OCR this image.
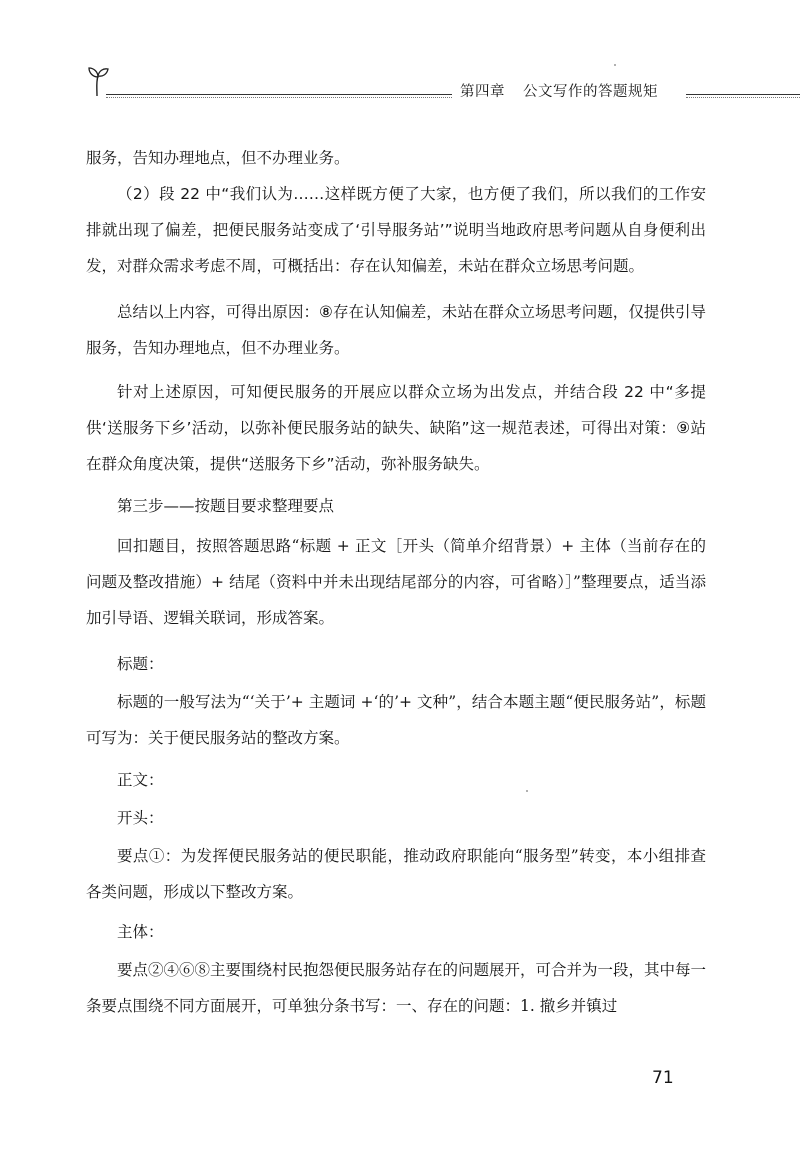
第四章 公文写作的答题规矩

服务，告知办理地点，但不办理业务。

（2）段 22 中“我们认为……这样既方便了大家，也方便了我们，所以我们的工作安排就出现了偏差，把便民服务站变成了‘引导服务站’”说明当地政府思考问题从自身便利出发，对群众需求考虑不周，可概括出：存在认知偏差，未站在群众立场思考问题。

总结以上内容，可得出原因：⑧存在认知偏差，未站在群众立场思考问题，仅提供引导服务，告知办理地点，但不办理业务。

针对上述原因，可知便民服务的开展应以群众立场为出发点，并结合段 22 中“多提供‘送服务下乡’活动，以弥补便民服务站的缺失、缺陷”这一规范表述，可得出对策：⑨站在群众角度决策，提供“送服务下乡”活动，弥补服务缺失。

第三步——按题目要求整理要点

回扣题目，按照答题思路“标题 + 正文［开头（简单介绍背景）+ 主体（当前存在的问题及整改措施）+ 结尾（资料中并未出现结尾部分的内容，可省略）］”整理要点，适当添加引导语、逻辑关联词，形成答案。

标题：

标题的一般写法为“‘关于’+ 主题词 +‘的’+ 文种”，结合本题主题“便民服务站”，标题可写为：关于便民服务站的整改方案。

正文：

开头：

要点①：为发挥便民服务站的便民职能，推动政府职能向“服务型”转变，本小组排查各类问题，形成以下整改方案。

主体：

要点②④⑥⑧主要围绕村民抱怨便民服务站存在的问题展开，可合并为一段，其中每一条要点围绕不同方面展开，可单独分条书写：一、存在的问题：1. 撤乡并镇过

71
